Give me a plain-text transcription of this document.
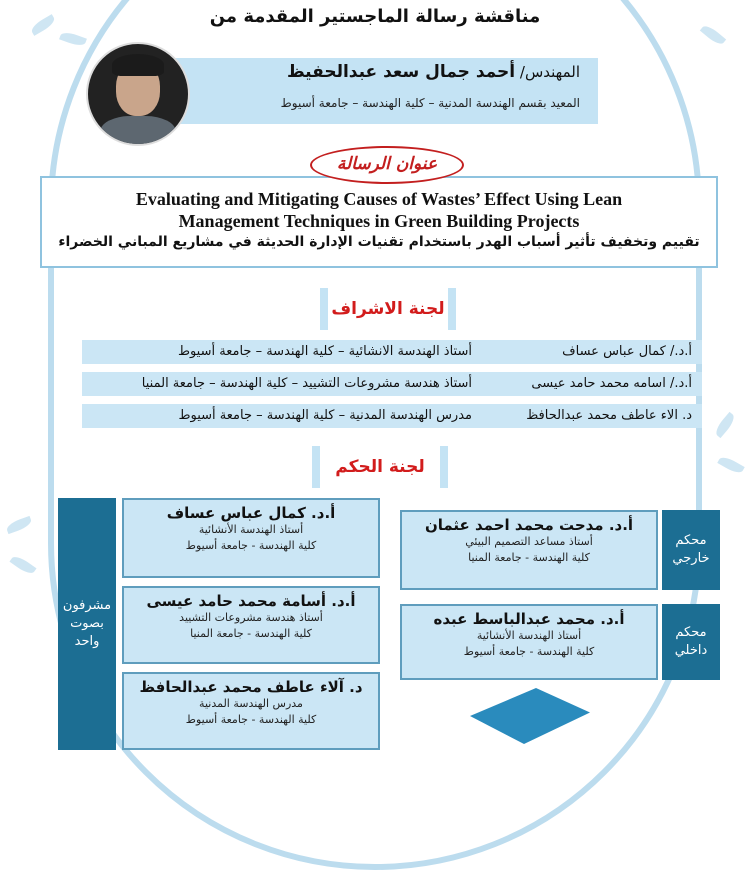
مناقشة رسالة الماجستير المقدمة من
المهندس/ أحمد جمال سعد عبدالحفيظ
المعيد بقسم الهندسة المدنية – كلية الهندسة – جامعة أسيوط
Evaluating and Mitigating Causes of Wastes’ Effect Using Lean
Management Techniques in Green Building Projects
تقييم وتخفيف تأثير أسباب الهدر باستخدام تقنيات الإدارة الحديثة في مشاريع المباني الخضراء
عنوان الرسالة
لجنة الاشراف
أ.د./ كمال عباس عساف
أستاذ الهندسة الانشائية – كلية الهندسة – جامعة أسيوط
أ.د./ اسامه محمد حامد عيسى
أستاذ هندسة مشروعات التشييد – كلية الهندسة – جامعة المنيا
د. الاء عاطف محمد عبدالحافظ
مدرس الهندسة المدنية – كلية الهندسة – جامعة أسيوط
لجنة الحكم
مشرفون بصوت واحد
أ.د. كمال عباس عساف
أستاذ الهندسة الأنشائية
كلية الهندسة - جامعة أسيوط
أ.د. أسامة محمد حامد عيسى
أستاذ هندسة مشروعات التشييد
كلية الهندسة - جامعة المنيا
د. آلاء عاطف محمد عبدالحافظ
مدرس الهندسة المدنية
كلية الهندسة - جامعة أسيوط
أ.د. مدحت محمد احمد عثمان
أستاذ مساعد التصميم البيئي
كلية الهندسة - جامعة المنيا
محكم خارجي
أ.د. محمد عبدالباسط عبده
أستاذ الهندسة الأنشائية
كلية الهندسة - جامعة أسيوط
محكم داخلي
